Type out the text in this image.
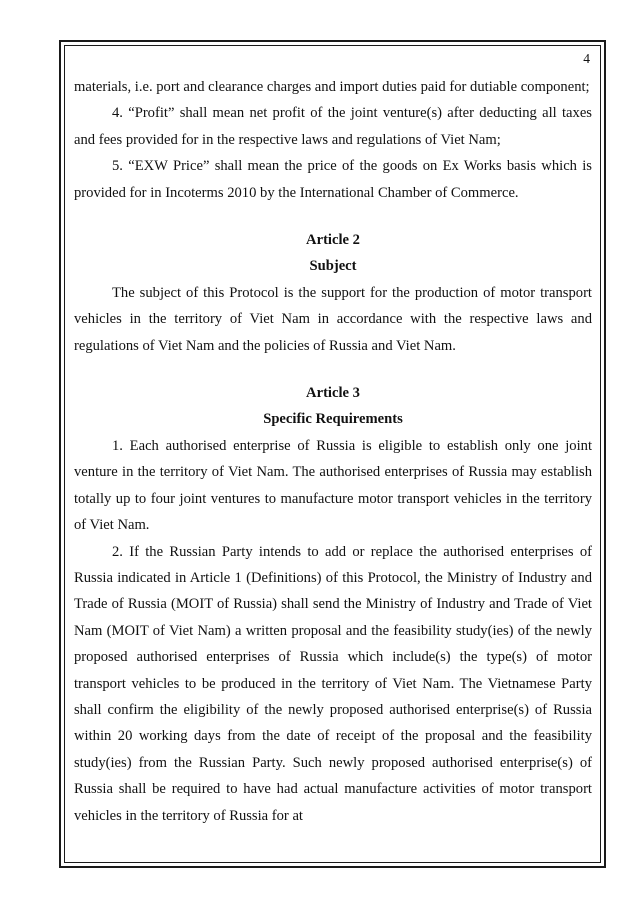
4

materials, i.e. port and clearance charges and import duties paid for dutiable component;

4. “Profit” shall mean net profit of the joint venture(s) after deducting all taxes and fees provided for in the respective laws and regulations of Viet Nam;

5. “EXW Price” shall mean the price of the goods on Ex Works basis which is provided for in Incoterms 2010 by the International Chamber of Commerce.

Article 2

Subject

The subject of this Protocol is the support for the production of motor transport vehicles in the territory of Viet Nam in accordance with the respective laws and regulations of Viet Nam and the policies of Russia and Viet Nam.

Article 3

Specific Requirements

1. Each authorised enterprise of Russia is eligible to establish only one joint venture in the territory of Viet Nam. The authorised enterprises of Russia may establish totally up to four joint ventures to manufacture motor transport vehicles in the territory of Viet Nam.

2. If the Russian Party intends to add or replace the authorised enterprises of Russia indicated in Article 1 (Definitions) of this Protocol, the Ministry of Industry and Trade of Russia (MOIT of Russia) shall send the Ministry of Industry and Trade of Viet Nam (MOIT of Viet Nam) a written proposal and the feasibility study(ies) of the newly proposed authorised enterprises of Russia which include(s) the type(s) of motor transport vehicles to be produced in the territory of Viet Nam. The Vietnamese Party shall confirm the eligibility of the newly proposed authorised enterprise(s) of Russia within 20 working days from the date of receipt of the proposal and the feasibility study(ies) from the Russian Party. Such newly proposed authorised enterprise(s) of Russia shall be required to have had actual manufacture activities of motor transport vehicles in the territory of Russia for at
